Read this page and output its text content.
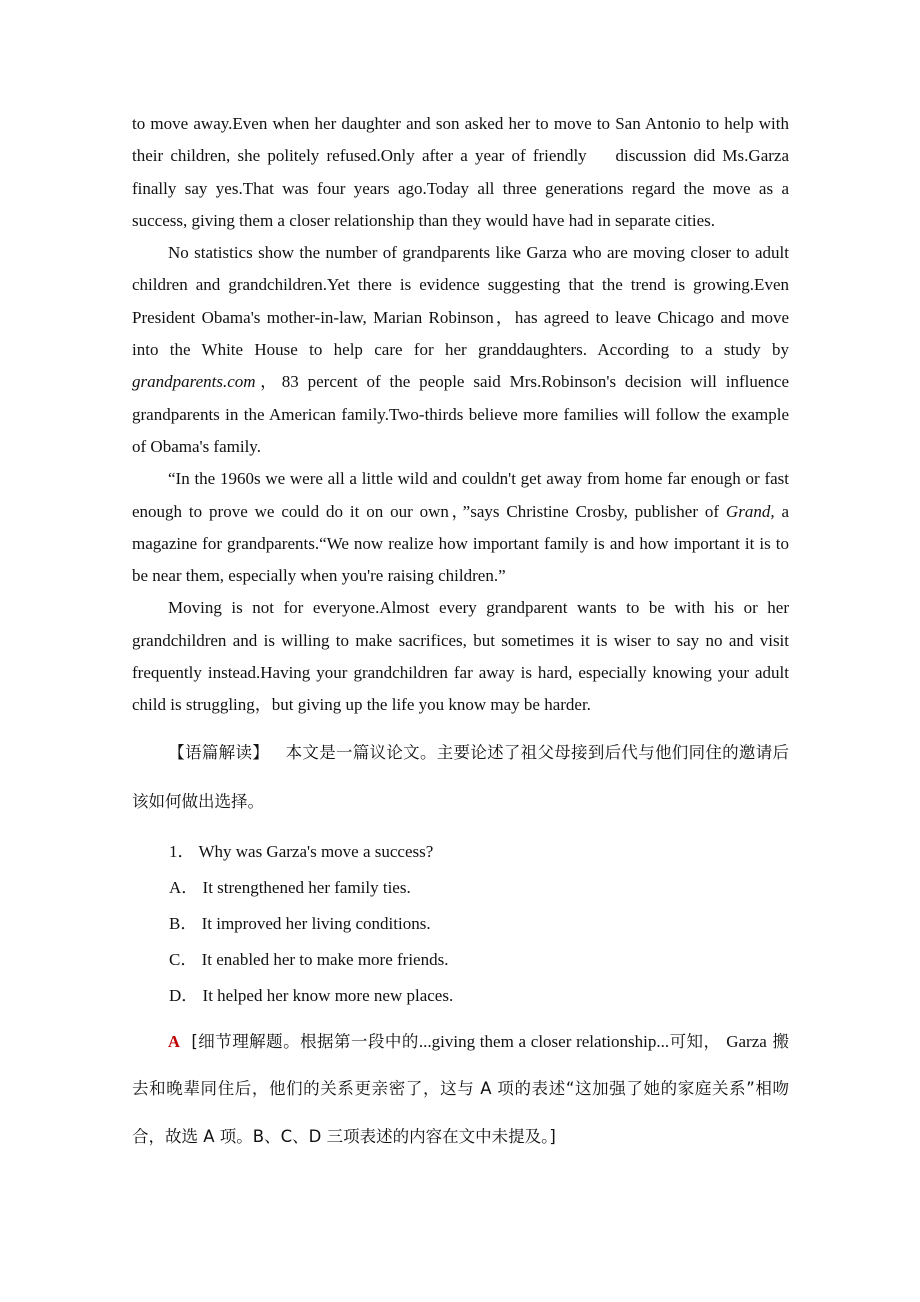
to move away.Even when her daughter and son asked her to move to San Antonio to help with their children, she politely refused.Only after a year of friendly    discussion did Ms.Garza finally say yes.That was four years ago.Today all three generations regard the move as a success, giving them a closer relationship than they would have had in separate cities.

No statistics show the number of grandparents like Garza who are moving closer to adult children and grandchildren.Yet there is evidence suggesting that the trend is growing.Even President Obama's mother-in-law, Marian Robinson，has agreed to leave Chicago and move into the White House to help care for her granddaughters. According to a study by grandparents.com，83 percent of the people said Mrs.Robinson's decision will influence grandparents in the American family.Two-thirds believe more families will follow the example of Obama's family.

“In the 1960s we were all a little wild and couldn't get away from home far enough or fast enough to prove we could do it on our own，”says Christine Crosby, publisher of Grand, a magazine for grandparents.“We now realize how important family is and how important it is to be near them, especially when you're raising children.”

Moving is not for everyone.Almost every grandparent wants to be with his or her grandchildren and is willing to make sacrifices, but sometimes it is wiser to say no and visit frequently instead.Having your grandchildren far away is hard, especially knowing your adult child is struggling，but giving up the life you know may be harder.

【语篇解读】 本文是一篇议论文。主要论述了祖父母接到后代与他们同住的邀请后该如何做出选择。

1． Why was Garza's move a success?
A． It strengthened her family ties.
B． It improved her living conditions.
C． It enabled her to make more friends.
D． It helped her know more new places.

A [细节理解题。根据第一段中的...giving them a closer relationship...可知， Garza 搬去和晚辈同住后，他们的关系更亲密了，这与 A 项的表述“这加强了她的家庭关系”相吻合，故选 A 项。B、C、D 三项表述的内容在文中未提及。]
